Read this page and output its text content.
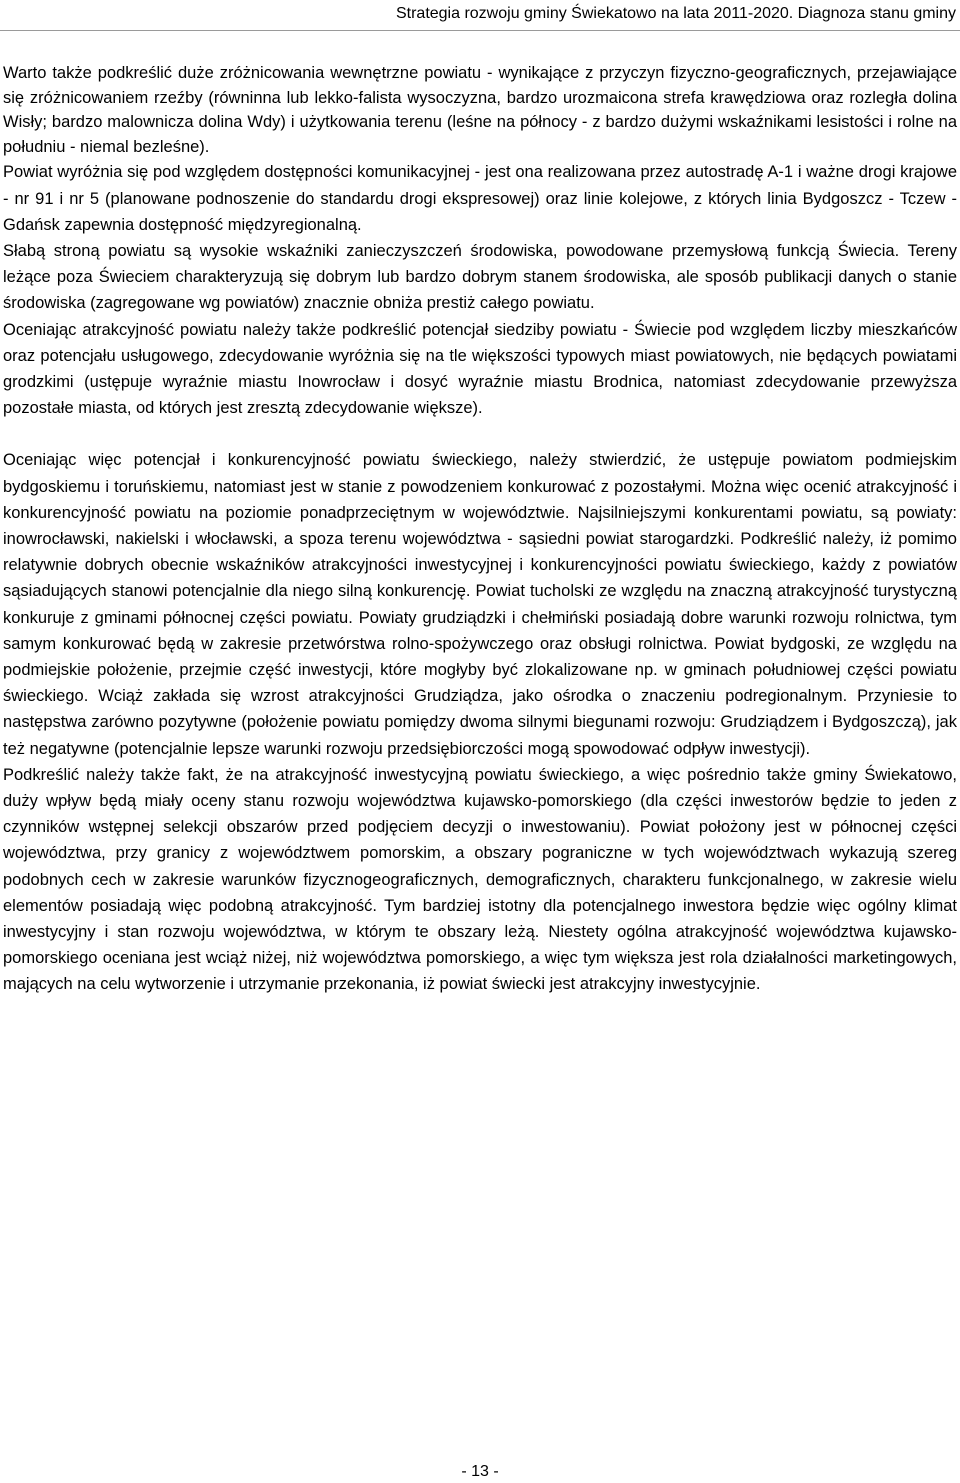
Strategia rozwoju gminy Świekatowo na lata 2011-2020. Diagnoza stanu gminy

Warto także podkreślić duże zróżnicowania wewnętrzne powiatu - wynikające z przyczyn fizyczno-geograficznych, przejawiające się zróżnicowaniem rzeźby (równinna lub lekko-falista wysoczyzna, bardzo urozmaicona strefa krawędziowa oraz rozległa dolina Wisły; bardzo malownicza dolina Wdy) i użytkowania terenu (leśne na północy - z bardzo dużymi wskaźnikami lesistości i rolne na południu - niemal bezleśne).

Powiat wyróżnia się pod względem dostępności komunikacyjnej - jest ona realizowana przez autostradę A-1 i ważne drogi krajowe - nr 91 i nr 5 (planowane podnoszenie do standardu drogi ekspresowej) oraz linie kolejowe, z których linia Bydgoszcz - Tczew - Gdańsk zapewnia dostępność międzyregionalną.

Słabą stroną powiatu są wysokie wskaźniki zanieczyszczeń środowiska, powodowane przemysłową funkcją Świecia. Tereny leżące poza Świeciem charakteryzują się dobrym lub bardzo dobrym stanem środowiska, ale sposób publikacji danych o stanie środowiska (zagregowane wg powiatów) znacznie obniża prestiż całego powiatu.

Oceniając atrakcyjność powiatu należy także podkreślić potencjał siedziby powiatu - Świecie pod względem liczby mieszkańców oraz potencjału usługowego, zdecydowanie wyróżnia się na tle większości typowych miast powiatowych, nie będących powiatami grodzkimi (ustępuje wyraźnie miastu Inowrocław i dosyć wyraźnie miastu Brodnica, natomiast zdecydowanie przewyższa pozostałe miasta, od których jest zresztą zdecydowanie większe).

Oceniając więc potencjał i konkurencyjność powiatu świeckiego, należy stwierdzić, że ustępuje powiatom podmiejskim bydgoskiemu i toruńskiemu, natomiast jest w stanie z powodzeniem konkurować z pozostałymi. Można więc ocenić atrakcyjność i konkurencyjność powiatu na poziomie ponadprzeciętnym w województwie. Najsilniejszymi konkurentami powiatu, są powiaty: inowrocławski, nakielski i włocławski, a spoza terenu województwa - sąsiedni powiat starogardzki. Podkreślić należy, iż pomimo relatywnie dobrych obecnie wskaźników atrakcyjności inwestycyjnej i konkurencyjności powiatu świeckiego, każdy z powiatów sąsiadujących stanowi potencjalnie dla niego silną konkurencję. Powiat tucholski ze względu na znaczną atrakcyjność turystyczną konkuruje z gminami północnej części powiatu. Powiaty grudziądzki i chełmiński posiadają dobre warunki rozwoju rolnictwa, tym samym konkurować będą w zakresie przetwórstwa rolno-spożywczego oraz obsługi rolnictwa. Powiat bydgoski, ze względu na podmiejskie położenie, przejmie część inwestycji, które mogłyby być zlokalizowane np. w gminach południowej części powiatu świeckiego. Wciąż zakłada się wzrost atrakcyjności Grudziądza, jako ośrodka o znaczeniu podregionalnym. Przyniesie to następstwa zarówno pozytywne (położenie powiatu pomiędzy dwoma silnymi biegunami rozwoju: Grudziądzem i Bydgoszczą), jak też negatywne (potencjalnie lepsze warunki rozwoju przedsiębiorczości mogą spowodować odpływ inwestycji).

Podkreślić należy także fakt, że na atrakcyjność inwestycyjną powiatu świeckiego, a więc pośrednio także gminy Świekatowo, duży wpływ będą miały oceny stanu rozwoju województwa kujawsko-pomorskiego (dla części inwestorów będzie to jeden z czynników wstępnej selekcji obszarów przed podjęciem decyzji o inwestowaniu). Powiat położony jest w północnej części województwa, przy granicy z województwem pomorskim, a obszary pograniczne w tych województwach wykazują szereg podobnych cech w zakresie warunków fizycznogeograficznych, demograficznych, charakteru funkcjonalnego, w zakresie wielu elementów posiadają więc podobną atrakcyjność. Tym bardziej istotny dla potencjalnego inwestora będzie więc ogólny klimat inwestycyjny i stan rozwoju województwa, w którym te obszary leżą. Niestety ogólna atrakcyjność województwa kujawsko-pomorskiego oceniana jest wciąż niżej, niż województwa pomorskiego, a więc tym większa jest rola działalności marketingowych, mających na celu wytworzenie i utrzymanie przekonania, iż powiat świecki jest atrakcyjny inwestycyjnie.

- 13 -
